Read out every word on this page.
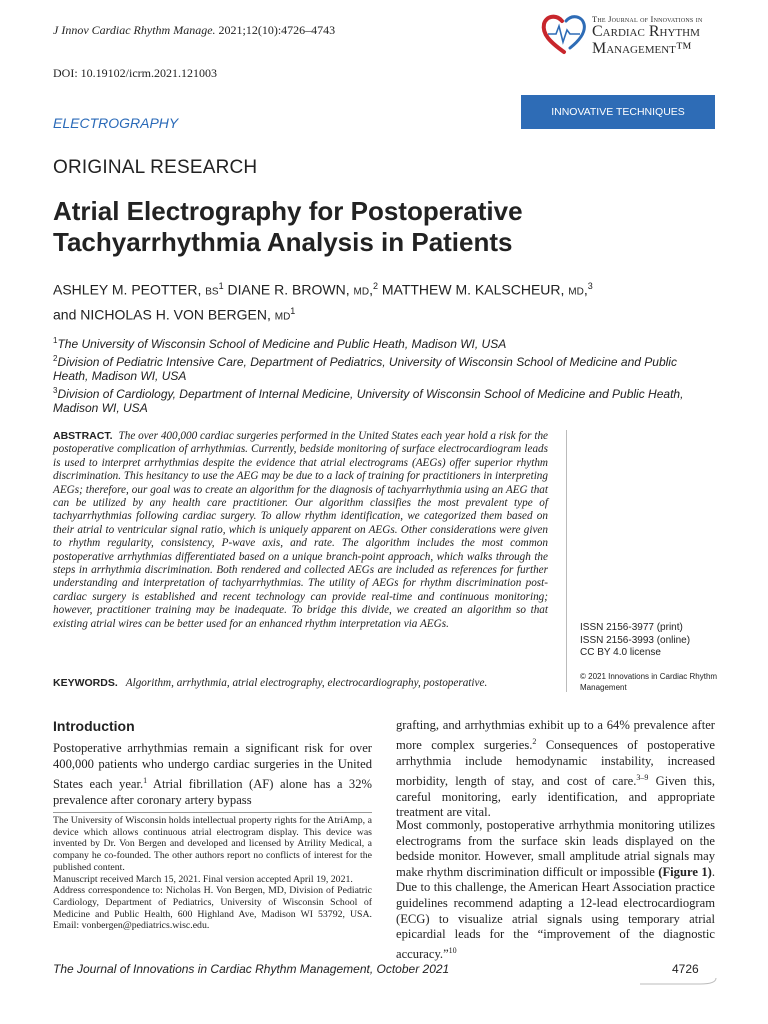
J Innov Cardiac Rhythm Manage. 2021;12(10):4726–4743
DOI: 10.19102/icrm.2021.121003
The Journal of Innovations in
Cardiac Rhythm
Management™
ELECTROGRAPHY
INNOVATIVE TECHNIQUES
ORIGINAL RESEARCH
Atrial Electrography for Postoperative
Tachyarrhythmia Analysis in Patients
ASHLEY M. PEOTTER, $BS^1$ DIANE R. BROWN, MD,$^2$ MATTHEW M. KALSCHEUR, MD,$^3$
and NICHOLAS H. VON BERGEN, $MD^1$
$^1$The University of Wisconsin School of Medicine and Public Heath, Madison WI, USA
$^2$Division of Pediatric Intensive Care, Department of Pediatrics, University of Wisconsin School of Medicine and Public Heath, Madison WI, USA
$^3$Division of Cardiology, Department of Internal Medicine, University of Wisconsin School of Medicine and Public Heath, Madison WI, USA
ABSTRACT. The over 400,000 cardiac surgeries performed in the United States each year hold a risk for the postoperative complication of arrhythmias. Currently, bedside monitoring of surface electrocardiogram leads is used to interpret arrhythmias despite the evidence that atrial electrograms (AEGs) offer superior rhythm discrimination. This hesitancy to use the AEG may be due to a lack of training for practitioners in interpreting AEGs; therefore, our goal was to create an algorithm for the diagnosis of tachyarrhythmia using an AEG that can be utilized by any health care practitioner. Our algorithm classifies the most prevalent type of tachyarrhythmias following cardiac surgery. To allow rhythm identification, we categorized them based on their atrial to ventricular signal ratio, which is uniquely apparent on AEGs. Other considerations were given to rhythm regularity, consistency, P-wave axis, and rate. The algorithm includes the most common postoperative arrhythmias differentiated based on a unique branch-point approach, which walks through the steps in arrhythmia discrimination. Both rendered and collected AEGs are included as references for further understanding and interpretation of tachyarrhythmias. The utility of AEGs for rhythm discrimination post-cardiac surgery is established and recent technology can provide real-time and continuous monitoring; however, practitioner training may be inadequate. To bridge this divide, we created an algorithm so that existing atrial wires can be better used for an enhanced rhythm interpretation via AEGs.
KEYWORDS. Algorithm, arrhythmia, atrial electrography, electrocardiography, postoperative.
ISSN 2156-3977 (print)
ISSN 2156-3993 (online)
CC BY 4.0 license
© 2021 Innovations in Cardiac Rhythm Management
Introduction
Postoperative arrhythmias remain a significant risk for over 400,000 patients who undergo cardiac surgeries in the United States each year.$^1$ Atrial fibrillation (AF) alone has a 32% prevalence after coronary artery bypass

The University of Wisconsin holds intellectual property rights for the AtriAmp, a device which allows continuous atrial electrogram display. This device was invented by Dr. Von Bergen and developed and licensed by Atrility Medical, a company he co-founded. The other authors report no conflicts of interest for the published content.

Manuscript received March 15, 2021. Final version accepted April 19, 2021.

Address correspondence to: Nicholas H. Von Bergen, MD, Division of Pediatric Cardiology, Department of Pediatrics, University of Wisconsin School of Medicine and Public Health, 600 Highland Ave, Madison WI 53792, USA. Email: vonbergen@pediatrics.wisc.edu.

grafting, and arrhythmias exhibit up to a 64% prevalence after more complex surgeries.$^2$ Consequences of postoperative arrhythmia include hemodynamic instability, increased morbidity, length of stay, and cost of care.$^{3-9}$ Given this, careful monitoring, early identification, and appropriate treatment are vital.
Most commonly, postoperative arrhythmia monitoring utilizes electrograms from the surface skin leads displayed on the bedside monitor. However, small amplitude atrial signals may make rhythm discrimination difficult or impossible (Figure 1). Due to this challenge, the American Heart Association practice guidelines recommend adapting a 12-lead electrocardiogram (ECG) to visualize atrial signals using temporary atrial epicardial leads for the “improvement of the diagnostic accuracy.”$^{10}$
The Journal of Innovations in Cardiac Rhythm Management, October 2021	4726
